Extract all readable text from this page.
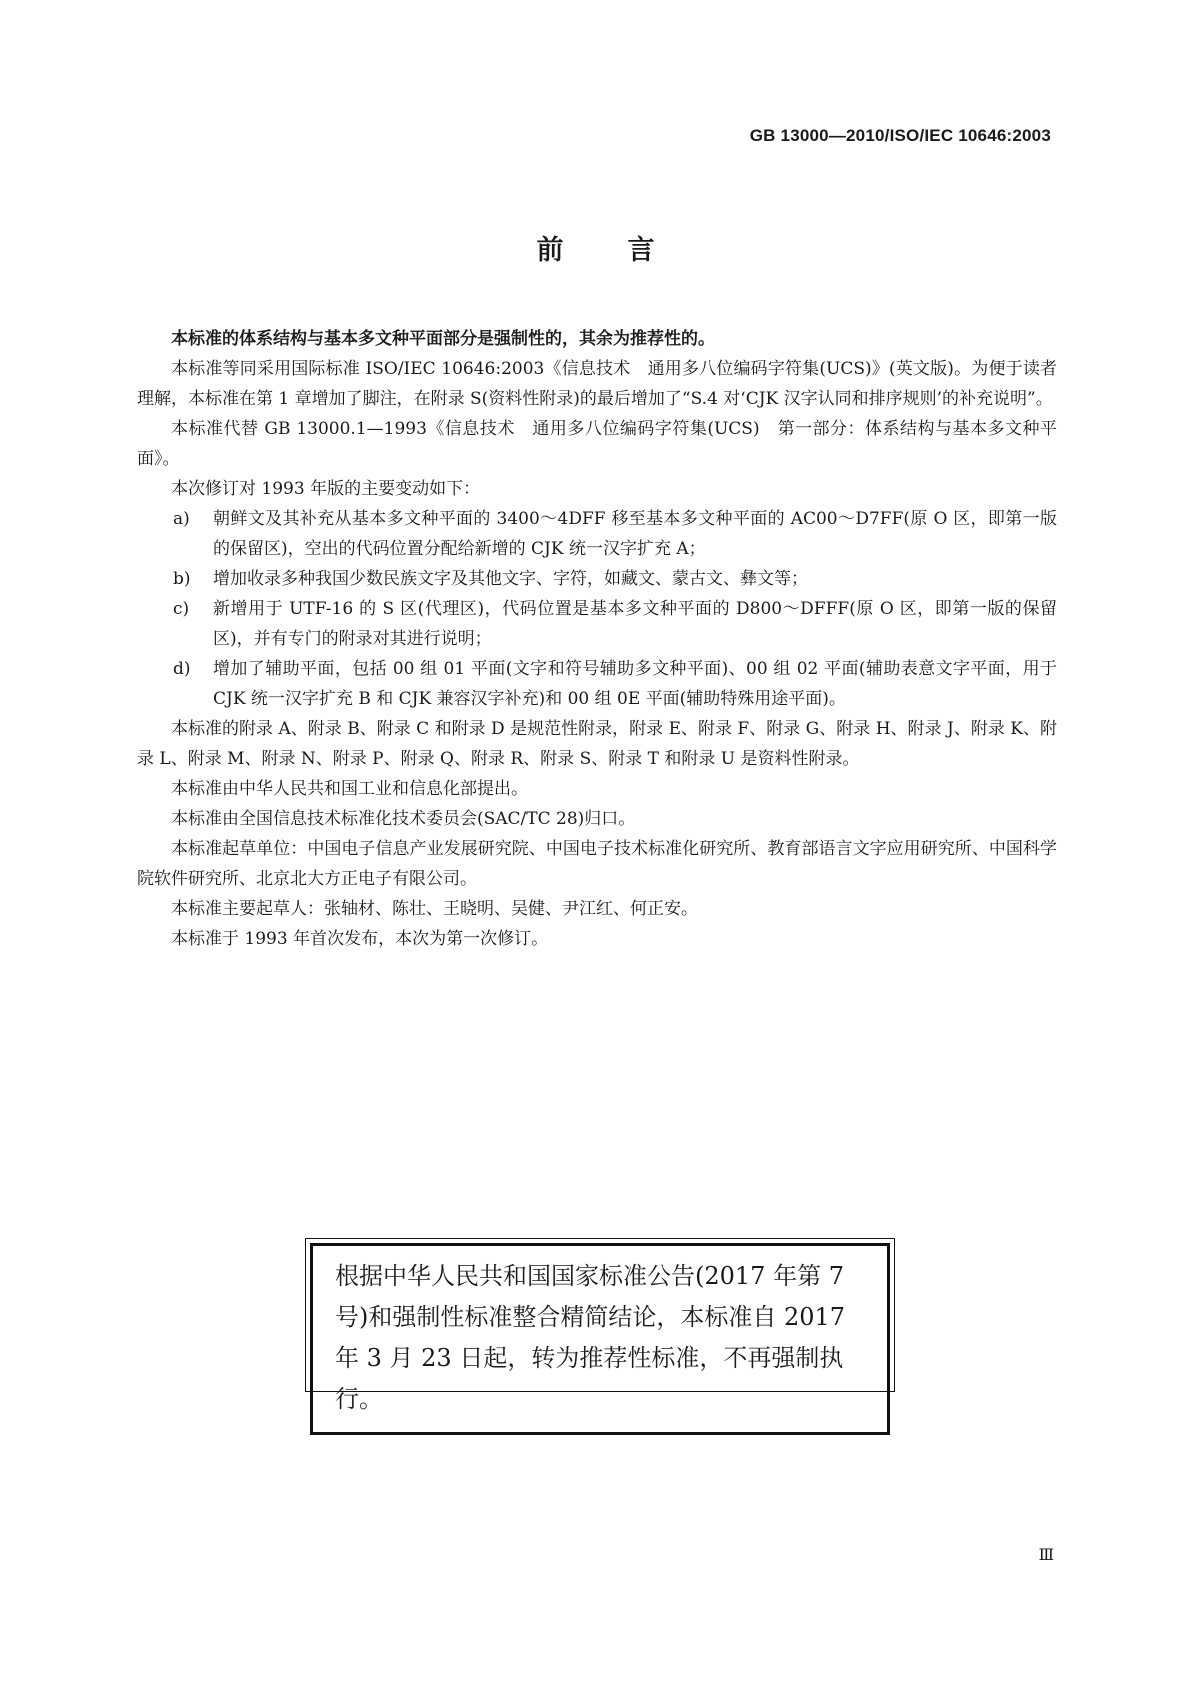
GB 13000—2010/ISO/IEC 10646:2003
前言

本标准的体系结构与基本多文种平面部分是强制性的，其余为推荐性的。

本标准等同采用国际标准 ISO/IEC 10646:2003《信息技术　通用多八位编码字符集(UCS)》(英文版)。为便于读者理解，本标准在第 1 章增加了脚注，在附录 S(资料性附录)的最后增加了“S.4 对‘CJK 汉字认同和排序规则’的补充说明”。

本标准代替 GB 13000.1—1993《信息技术　通用多八位编码字符集(UCS)　第一部分：体系结构与基本多文种平面》。

本次修订对 1993 年版的主要变动如下：

a)	朝鲜文及其补充从基本多文种平面的 3400～4DFF 移至基本多文种平面的 AC00～D7FF(原 O 区，即第一版的保留区)，空出的代码位置分配给新增的 CJK 统一汉字扩充 A；
b)	增加收录多种我国少数民族文字及其他文字、字符，如藏文、蒙古文、彝文等；
c)	新增用于 UTF-16 的 S 区(代理区)，代码位置是基本多文种平面的 D800～DFFF(原 O 区，即第一版的保留区)，并有专门的附录对其进行说明；
d)	增加了辅助平面，包括 00 组 01 平面(文字和符号辅助多文种平面)、00 组 02 平面(辅助表意文字平面，用于 CJK 统一汉字扩充 B 和 CJK 兼容汉字补充)和 00 组 0E 平面(辅助特殊用途平面)。

本标准的附录 A、附录 B、附录 C 和附录 D 是规范性附录，附录 E、附录 F、附录 G、附录 H、附录 J、附录 K、附录 L、附录 M、附录 N、附录 P、附录 Q、附录 R、附录 S、附录 T 和附录 U 是资料性附录。

本标准由中华人民共和国工业和信息化部提出。

本标准由全国信息技术标准化技术委员会(SAC/TC 28)归口。

本标准起草单位：中国电子信息产业发展研究院、中国电子技术标准化研究所、教育部语言文字应用研究所、中国科学院软件研究所、北京北大方正电子有限公司。

本标准主要起草人：张轴材、陈壮、王晓明、吴健、尹江红、何正安。

本标准于 1993 年首次发布，本次为第一次修订。

根据中华人民共和国国家标准公告(2017 年第 7 号)和强制性标准整合精简结论，本标准自 2017 年 3 月 23 日起，转为推荐性标准，不再强制执行。
Ⅲ
